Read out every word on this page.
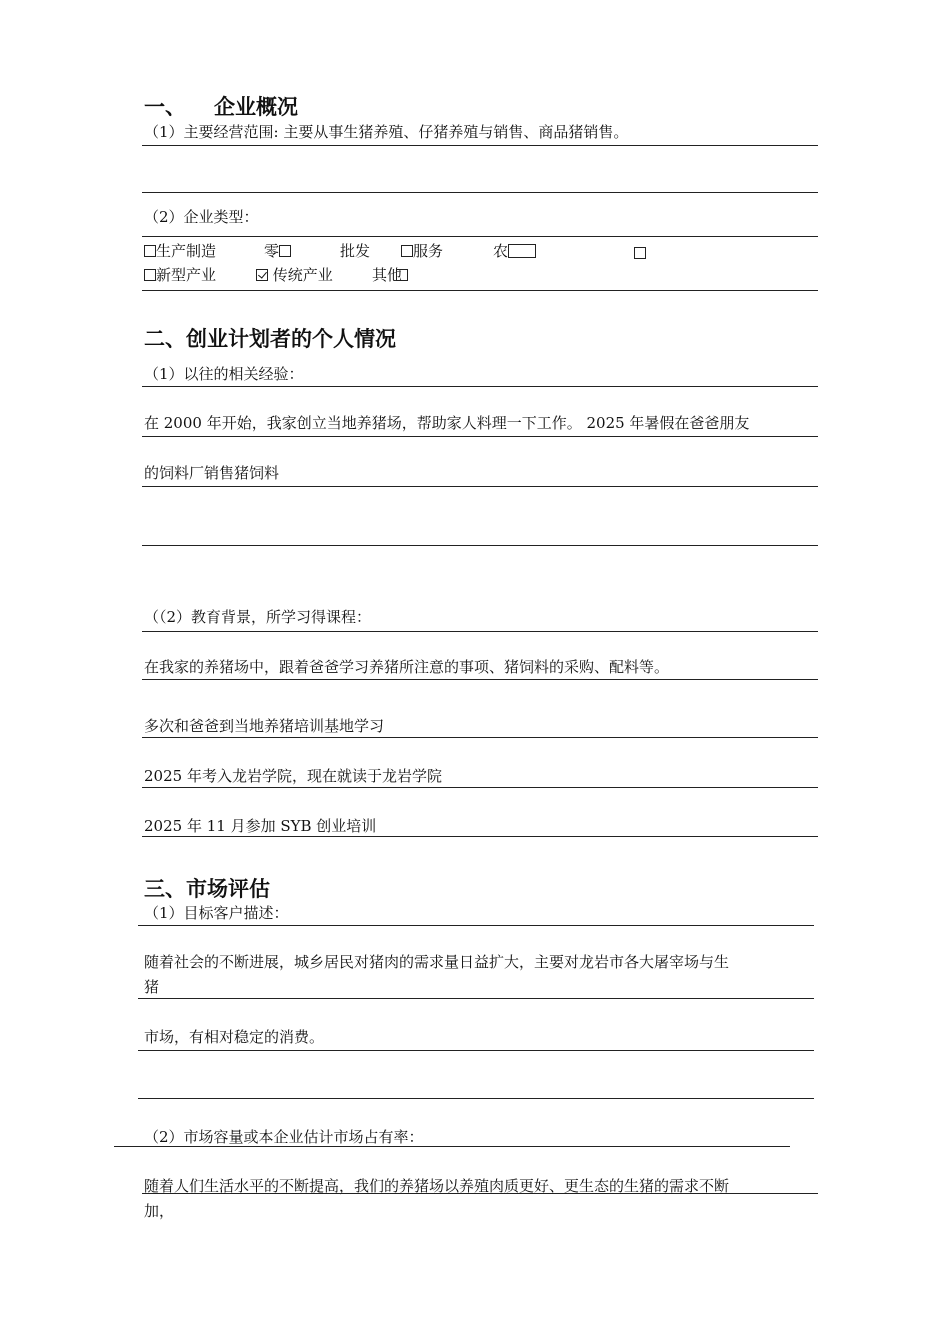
一、 企业概况
（1）主要经营范围: 主要从事生猪养殖、仔猪养殖与销售、商品猪销售。
（2）企业类型：
生产制造	零	批发	服务	农
新型产业	传统产业	其他
二、创业计划者的个人情况
（1）以往的相关经验：
在 2000 年开始，我家创立当地养猪场，帮助家人料理一下工作。 2025 年暑假在爸爸朋友
的饲料厂销售猪饲料
（（2）教育背景，所学习得课程：
在我家的养猪场中，跟着爸爸学习养猪所注意的事项、猪饲料的采购、配料等。
多次和爸爸到当地养猪培训基地学习
2025 年考入龙岩学院，现在就读于龙岩学院
2025 年 11 月参加 SYB 创业培训
三、市场评估
（1）目标客户描述：
随着社会的不断进展，城乡居民对猪肉的需求量日益扩大，主要对龙岩市各大屠宰场与生
猪
市场，有相对稳定的消费。
（2）市场容量或本企业估计市场占有率：
随着人们生活水平的不断提高，我们的养猪场以养殖肉质更好、更生态的生猪的需求不断
加，
